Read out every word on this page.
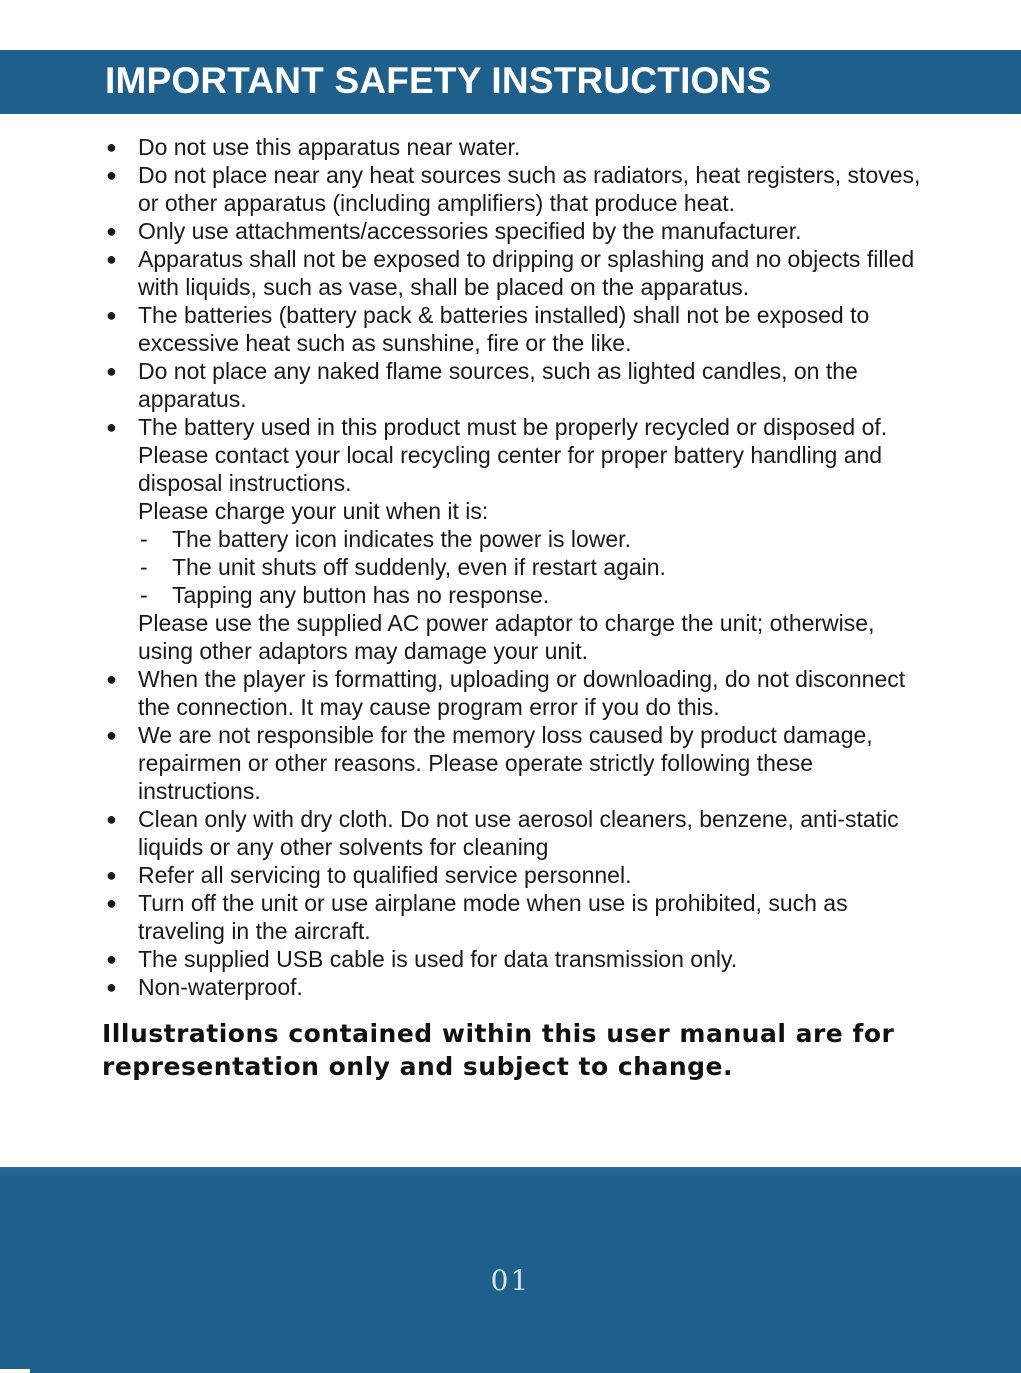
IMPORTANT SAFETY INSTRUCTIONS
● Do not use this apparatus near water.
● Do not place near any heat sources such as radiators, heat registers, stoves, or other apparatus (including amplifiers) that produce heat.
● Only use attachments/accessories specified by the manufacturer.
● Apparatus shall not be exposed to dripping or splashing and no objects filled with liquids, such as vase, shall be placed on the apparatus.
● The batteries (battery pack & batteries installed) shall not be exposed to excessive heat such as sunshine, fire or the like.
● Do not place any naked flame sources, such as lighted candles, on the apparatus.
● The battery used in this product must be properly recycled or disposed of. Please contact your local recycling center for proper battery handling and disposal instructions.
Please charge your unit when it is:
- The battery icon indicates the power is lower.
- The unit shuts off suddenly, even if restart again.
- Tapping any button has no response.
Please use the supplied AC power adaptor to charge the unit; otherwise, using other adaptors may damage your unit.
● When the player is formatting, uploading or downloading, do not disconnect the connection. It may cause program error if you do this.
● We are not responsible for the memory loss caused by product damage, repairmen or other reasons. Please operate strictly following these instructions.
● Clean only with dry cloth. Do not use aerosol cleaners, benzene, anti-static liquids or any other solvents for cleaning
● Refer all servicing to qualified service personnel.
● Turn off the unit or use airplane mode when use is prohibited, such as traveling in the aircraft.
● The supplied USB cable is used for data transmission only.
● Non-waterproof.

Illustrations contained within this user manual are for representation only and subject to change.

01
